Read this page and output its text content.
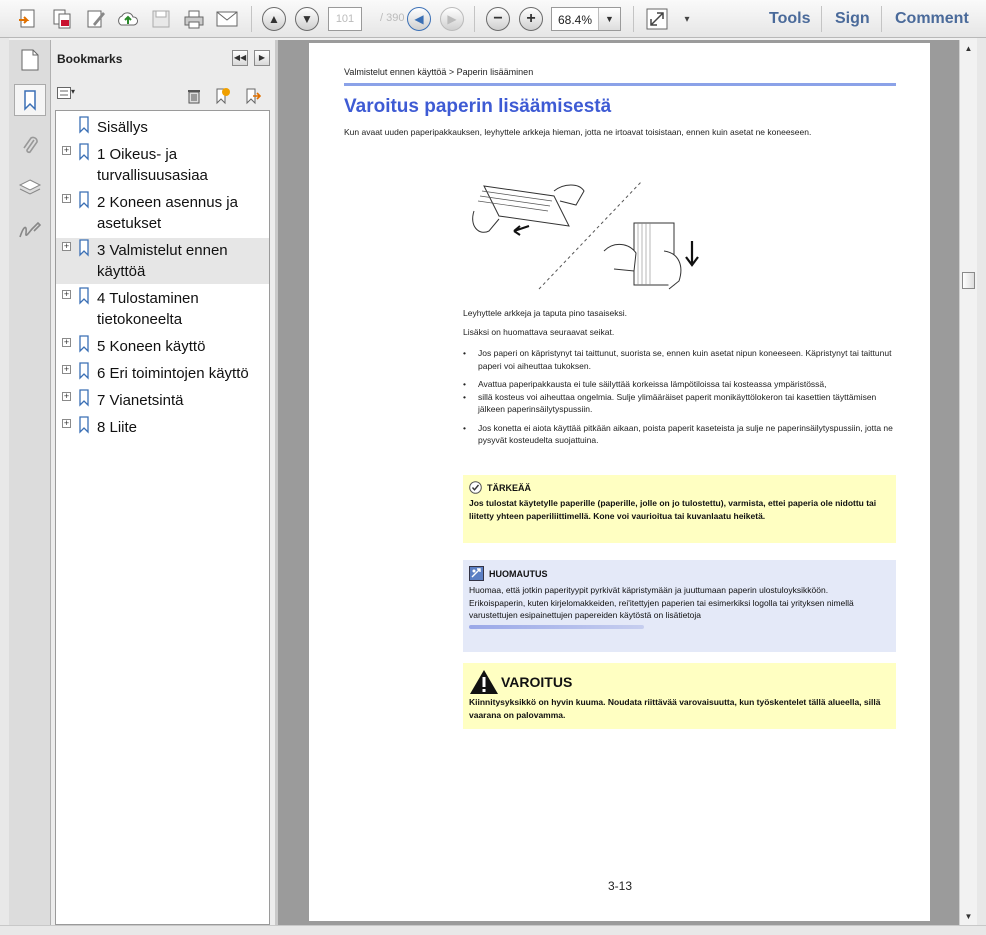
▲	▼	101	/ 390 ◀	▶	−	+	68.4%	▼	▾	Tools Sign Comment
Bookmarks	◀◀	▶
▾
Sisällys
+ 1 Oikeus- ja turvallisuusasiaa
+ 2 Koneen asennus ja asetukset
+ 3 Valmistelut ennen käyttöä
+ 4 Tulostaminen tietokoneelta
+ 5 Koneen käyttö
+ 6 Eri toimintojen käyttö
+ 7 Vianetsintä
+ 8 Liite
Valmistelut ennen käyttöä > Paperin lisääminen
Varoitus paperin lisäämisestä

Kun avaat uuden paperipakkauksen, leyhyttele arkkeja hieman, jotta ne irtoavat toisistaan, ennen kuin asetat ne koneeseen.

Leyhyttele arkkeja ja taputa pino tasaiseksi.
Lisäksi on huomattava seuraavat seikat.
• Jos paperi on käpristynyt tai taittunut, suorista se, ennen kuin asetat nipun koneeseen. Käpristynyt tai taittunut paperi voi aiheuttaa tukoksen.
• Avattua paperipakkausta ei tule säilyttää korkeissa lämpötiloissa tai kosteassa ympäristössä,
• sillä kosteus voi aiheuttaa ongelmia. Sulje ylimääräiset paperit monikäyttölokeron tai kasettien täyttämisen jälkeen paperinsäilytyspussiin.
• Jos konetta ei aiota käyttää pitkään aikaan, poista paperit kaseteista ja sulje ne paperinsäilytyspussiin, jotta ne pysyvät kosteudelta suojattuina.
TÄRKEÄÄ
Jos tulostat käytetylle paperille (paperille, jolle on jo tulostettu), varmista, ettei paperia ole nidottu tai liitetty yhteen paperiliittimellä. Kone voi vaurioitua tai kuvanlaatu heiketä.
HUOMAUTUS
Huomaa, että jotkin paperityypit pyrkivät käpristymään ja juuttumaan paperin ulostuloyksikköön.
Erikoispaperin, kuten kirjelomakkeiden, rei'itettyjen paperien tai esimerkiksi logolla tai yrityksen nimellä varustettujen esipainettujen papereiden käytöstä on lisätietoja
VAROITUS
Kiinnitysyksikkö on hyvin kuuma. Noudata riittävää varovaisuutta, kun työskentelet tällä alueella, sillä vaarana on palovamma.
3-13
▲
▼
